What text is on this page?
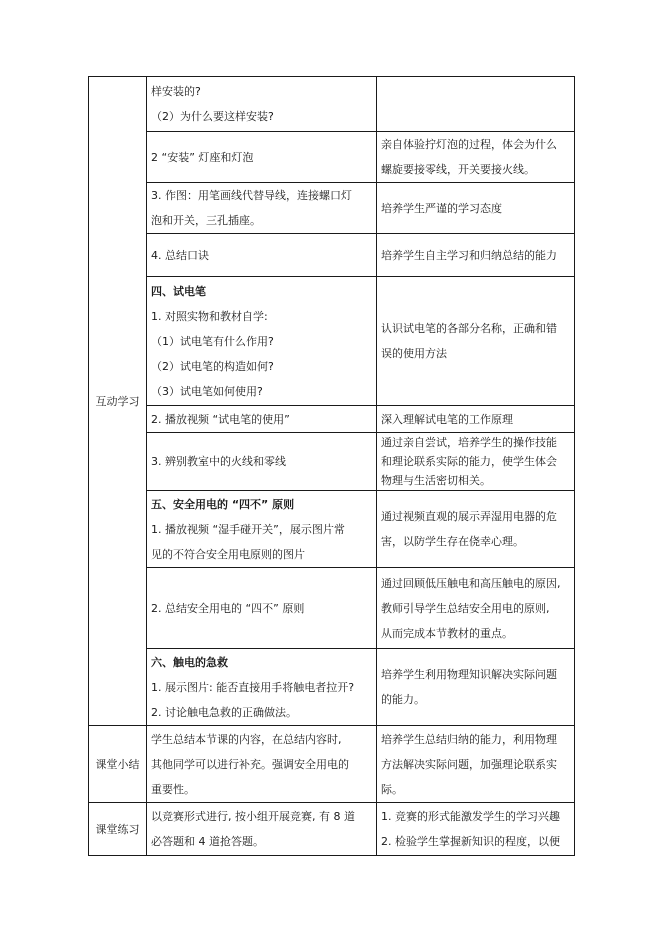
互动学习	样安装的?
（2）为什么要这样安装?	

	2 “安装” 灯座和灯泡	亲自体验拧灯泡的过程，体会为什么
螺旋要接零线，开关要接火线。

	3. 作图：用笔画线代替导线，连接螺口灯
泡和开关，三孔插座。	培养学生严谨的学习态度

	4. 总结口诀	培养学生自主学习和归纳总结的能力

	四、试电笔
1. 对照实物和教材自学:
（1）试电笔有什么作用?
（2）试电笔的构造如何?
（3）试电笔如何使用?	认识试电笔的各部分名称，正确和错
误的使用方法

	2. 播放视频 “试电笔的使用”	深入理解试电笔的工作原理

	3. 辨别教室中的火线和零线	通过亲自尝试，培养学生的操作技能
和理论联系实际的能力，使学生体会
物理与生活密切相关。

	五、安全用电的 “四不” 原则
1. 播放视频 “湿手碰开关”，展示图片常
见的不符合安全用电原则的图片	通过视频直观的展示弄湿用电器的危
害，以防学生存在侥幸心理。

	2. 总结安全用电的 “四不” 原则	通过回顾低压触电和高压触电的原因,
教师引导学生总结安全用电的原则,
从而完成本节教材的重点。

	六、触电的急救
1. 展示图片: 能否直接用手将触电者拉开?
2. 讨论触电急救的正确做法。	培养学生利用物理知识解决实际问题
的能力。

课堂小结	学生总结本节课的内容，在总结内容时,
其他同学可以进行补充。强调安全用电的
重要性。	培养学生总结归纳的能力，利用物理
方法解决实际问题，加强理论联系实
际。

课堂练习	以竞赛形式进行, 按小组开展竞赛, 有 8 道
必答题和 4 道抢答题。	1. 竞赛的形式能激发学生的学习兴趣
2. 检验学生掌握新知识的程度，以便
